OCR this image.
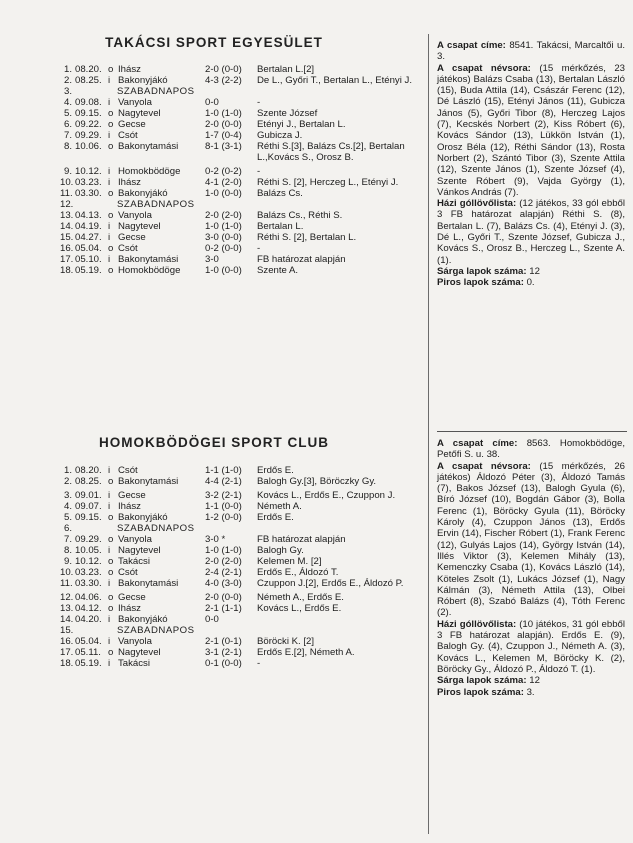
TAKÁCSI SPORT EGYESÜLET
1. 08.20. o Ihász	2-0 (0-0)	Bertalan L.[2]
2. 08.25. i Bakonyjákó	4-3 (2-2)	De L., Győri T., Bertalan L., Etényi J.
3.	SZABADNAPOS
4. 09.08. i Vanyola	0-0	-
5. 09.15. o Nagytevel	1-0 (1-0)	Szente József
6. 09.22. o Gecse	2-0 (0-0)	Etényi J., Bertalan L.
7. 09.29. i Csót	1-7 (0-4)	Gubicza J.
8. 10.06. o Bakonytamási	8-1 (3-1)	Réthi S.[3], Balázs Cs.[2], Bertalan L.,Kovács S., Orosz B.
9. 10.12. i Homokbödöge	0-2 (0-2)	-
10. 03.23. i Ihász	4-1 (2-0)	Réthi S. [2], Herczeg L., Etényi J.
11. 03.30. o Bakonyjákó	1-0 (0-0)	Balázs Cs.
12.	SZABADNAPOS
13. 04.13. o Vanyola	2-0 (2-0)	Balázs Cs., Réthi S.
14. 04.19. i Nagytevel	1-0 (1-0)	Bertalan L.
15. 04.27. i Gecse	3-0 (0-0)	Réthi S. [2], Bertalan L.
16. 05.04. o Csót	0-2 (0-0)	-
17. 05.10. i Bakonytamási	3-0	FB határozat alapján
18. 05.19. o Homokbödöge	1-0 (0-0)	Szente A.
HOMOKBÖDÖGEI SPORT CLUB
1. 08.20. i Csót	1-1 (1-0)	Erdős E.
2. 08.25. o Bakonytamási	4-4 (2-1)	Balogh Gy.[3], Böröczky Gy.
3. 09.01. i Gecse	3-2 (2-1)	Kovács L., Erdős E., Czuppon J.
4. 09.07. i Ihász	1-1 (0-0)	Németh A.
5. 09.15. o Bakonyjákó	1-2 (0-0)	Erdős E.
6.	SZABADNAPOS
7. 09.29. o Vanyola	3-0 *	FB határozat alapján
8. 10.05. i Nagytevel	1-0 (1-0)	Balogh Gy.
9. 10.12. o Takácsi	2-0 (2-0)	Kelemen M. [2]
10. 03.23. o Csót	2-4 (2-1)	Erdős E., Áldozó T.
11. 03.30. i Bakonytamási	4-0 (3-0)	Czuppon J.[2], Erdős E., Áldozó P.
12. 04.06. o Gecse	2-0 (0-0)	Németh A., Erdős E.
13. 04.12. o Ihász	2-1 (1-1)	Kovács L., Erdős E.
14. 04.20. i Bakonyjákó	0-0
15.	SZABADNAPOS
16. 05.04. i Vanyola	2-1 (0-1)	Böröcki K. [2]
17. 05.11. o Nagytevel	3-1 (2-1)	Erdős E.[2], Németh A.
18. 05.19. i Takácsi	0-1 (0-0)	-

A csapat címe: 8541. Takácsi, Marcaltői u. 3.

A csapat névsora: (15 mérkőzés, 23 játékos) Balázs Csaba (13), Bertalan László (15), Buda Attila (14), Császár Ferenc (12), Dé László (15), Etényi János (11), Gubicza János (5), Győri Tibor (8), Herczeg Lajos (7), Kecskés Norbert (2), Kiss Róbert (6), Kovács Sándor (13), Lükkön István (1), Orosz Béla (12), Réthi Sándor (13), Rosta Norbert (2), Szántó Tibor (3), Szente Attila (12), Szente János (1), Szente József (4), Szente Róbert (9), Vajda György (1), Vánkos András (7).

Házi góllövőlista: (12 játékos, 33 gól ebből 3 FB határozat alapján) Réthi S. (8), Bertalan L. (7), Balázs Cs. (4), Etényi J. (3), Dé L., Győri T., Szente József, Gubicza J., Kovács S., Orosz B., Herczeg L., Szente A. (1).

Sárga lapok száma: 12

Piros lapok száma: 0.

A csapat címe: 8563. Homokbödöge, Petőfi S. u. 38.

A csapat névsora: (15 mérkőzés, 26 játékos) Áldozó Péter (3), Áldozó Tamás (7), Bakos József (13), Balogh Gyula (6), Bíró József (10), Bogdán Gábor (3), Bolla Ferenc (1), Böröcky Gyula (11), Böröcky Károly (4), Czuppon János (13), Erdős Ervin (14), Fischer Róbert (1), Frank Ferenc (12), Gulyás Lajos (14), György István (14), Illés Viktor (3), Kelemen Mihály (13), Kemenczky Csaba (1), Kovács László (14), Köteles Zsolt (1), Lukács József (1), Nagy Kálmán (3), Németh Attila (13), Olbei Róbert (8), Szabó Balázs (4), Tóth Ferenc (2).

Házi góllövőlista: (10 játékos, 31 gól ebből 3 FB határozat alapján). Erdős E. (9), Balogh Gy. (4), Czuppon J., Németh A. (3), Kovács L., Kelemen M, Böröcky K. (2), Böröcky Gy., Áldozó P., Áldozó T. (1).

Sárga lapok száma: 12

Piros lapok száma: 3.
